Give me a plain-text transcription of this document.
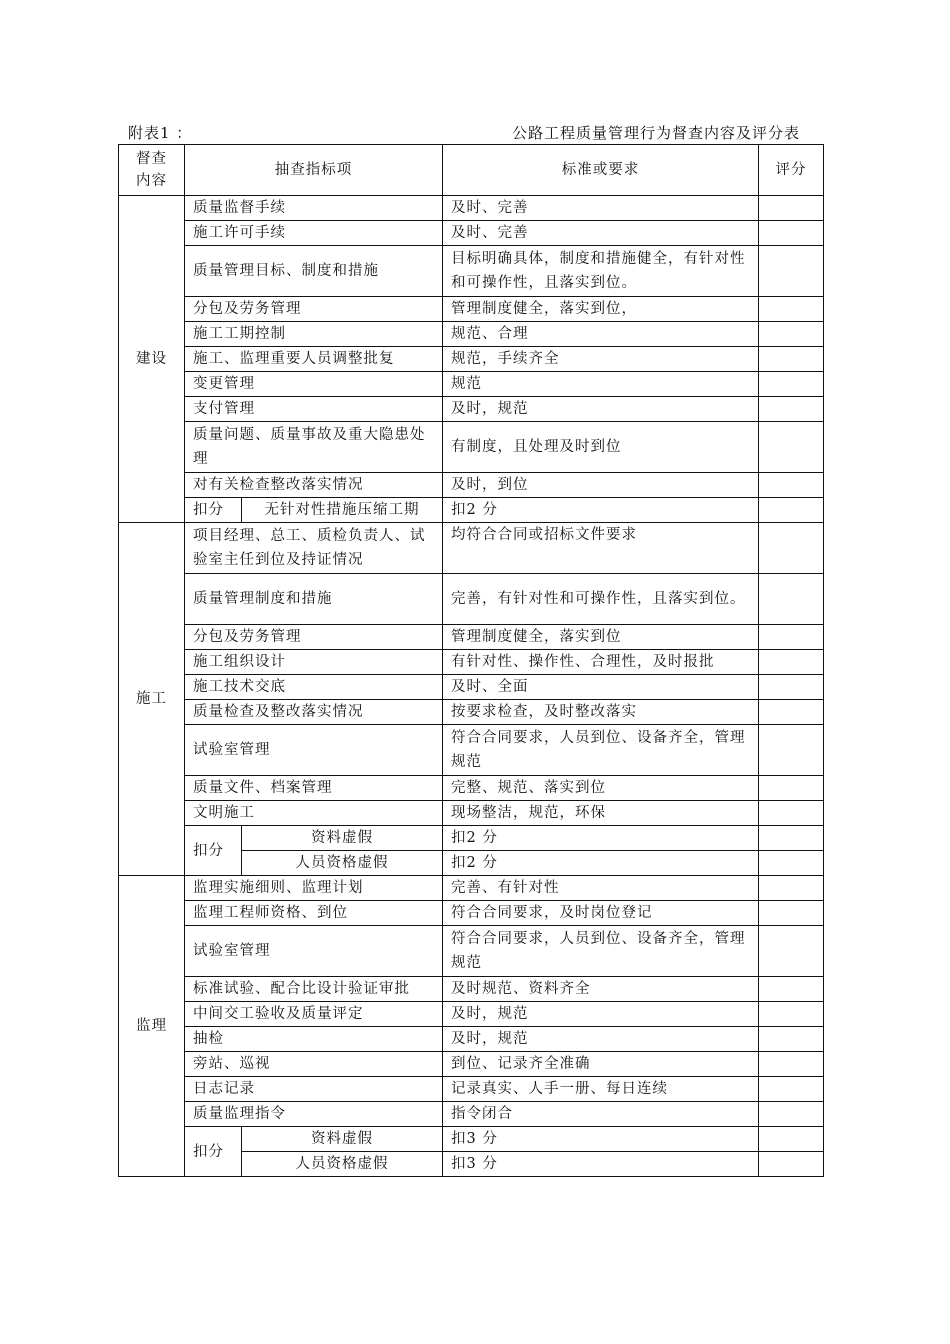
附表1 ：	公路工程质量管理行为督查内容及评分表
督查
内容	抽查指标项		标准或要求	评分
建设	质量监督手续		及时、完善	
	施工许可手续		及时、完善	
	质量管理目标、制度和措施		目标明确具体，制度和措施健全，有针对性和可操作性，且落实到位。	
	分包及劳务管理		管理制度健全，落实到位，	
	施工工期控制		规范、合理	
	施工、监理重要人员调整批复		规范，手续齐全	
	变更管理		规范	
	支付管理		及时，规范	
	质量问题、质量事故及重大隐患处理		有制度，且处理及时到位	
	对有关检查整改落实情况		及时，到位	
	扣分	无针对性措施压缩工期	扣2 分	
施工	项目经理、总工、质检负责人、试验室主任到位及持证情况		均符合合同或招标文件要求	
	质量管理制度和措施		完善，有针对性和可操作性，且落实到位。	
	分包及劳务管理		管理制度健全，落实到位	
	施工组织设计		有针对性、操作性、合理性，及时报批	
	施工技术交底		及时、全面	
	质量检查及整改落实情况		按要求检查，及时整改落实	
	试验室管理		符合合同要求，人员到位、设备齐全，管理规范	
	质量文件、档案管理		完整、规范、落实到位	
	文明施工		现场整洁，规范，环保	
	扣分	资料虚假	扣2 分	
		人员资格虚假	扣2 分	
监理	监理实施细则、监理计划		完善、有针对性	
	监理工程师资格、到位		符合合同要求，及时岗位登记	
	试验室管理		符合合同要求，人员到位、设备齐全，管理规范	
	标准试验、配合比设计验证审批		及时规范、资料齐全	
	中间交工验收及质量评定		及时，规范	
	抽检		及时，规范	
	旁站、巡视		到位、记录齐全准确	
	日志记录		记录真实、人手一册、每日连续	
	质量监理指令		指令闭合	
	扣分	资料虚假	扣3 分	
		人员资格虚假	扣3 分	
